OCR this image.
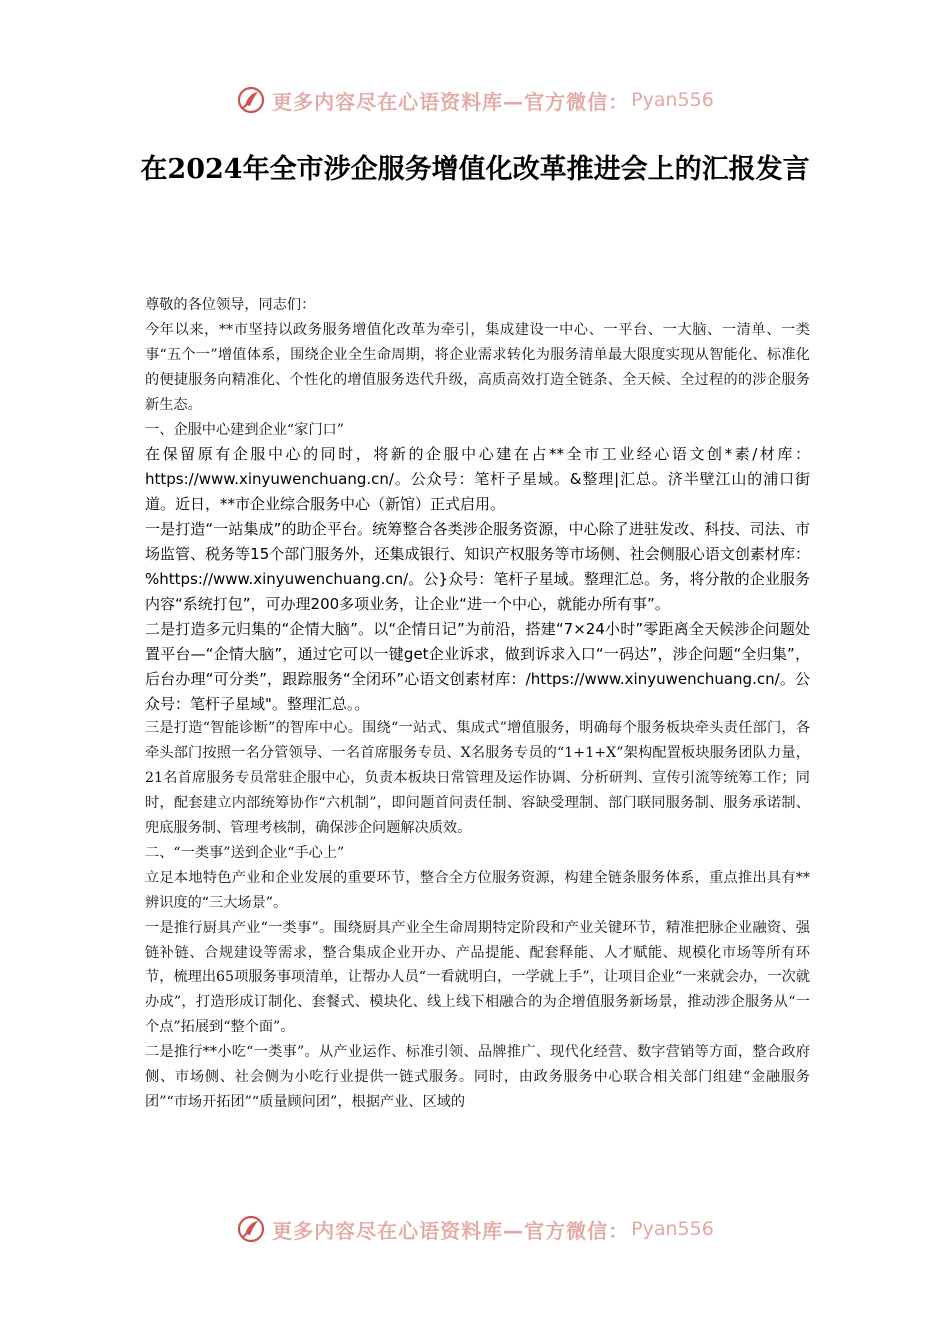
更多内容尽在心语资料库—官方微信： Pyan556
在2024年全市涉企服务增值化改革推进会上的汇报发言

尊敬的各位领导，同志们：

今年以来，**市坚持以政务服务增值化改革为牵引，集成建设一中心、一平台、一大脑、一清单、一类事“五个一”增值体系，围绕企业全生命周期，将企业需求转化为服务清单最大限度实现从智能化、标准化的便捷服务向精准化、个性化的增值服务迭代升级，高质高效打造全链条、全天候、全过程的的涉企服务新生态。

一、企服中心建到企业“家门口”

在保留原有企服中心的同时，将新的企服中心建在占**全市工业经心语文创*素/材库：https://www.xinyuwenchuang.cn/。公众号：笔杆子星域。&整理|汇总。济半壁江山的浦口街道。近日，**市企业综合服务中心（新馆）正式启用。

一是打造“一站集成”的助企平台。统筹整合各类涉企服务资源，中心除了进驻发改、科技、司法、市场监管、税务等15个部门服务外，还集成银行、知识产权服务等市场侧、社会侧服心语文创素材库：%https://www.xinyuwenchuang.cn/。公}众号：笔杆子星域。整理汇总。务，将分散的企业服务内容“系统打包”，可办理200多项业务，让企业“进一个中心，就能办所有事”。

二是打造多元归集的“企情大脑”。以“企情日记”为前沿，搭建“7×24小时”零距离全天候涉企问题处置平台—“企情大脑”，通过它可以一键get企业诉求，做到诉求入口“一码达”，涉企问题“全归集”，后台办理“可分类”，跟踪服务“全闭环”心语文创素材库：/https://www.xinyuwenchuang.cn/。公众号：笔杆子星域"。整理汇总。。

三是打造“智能诊断”的智库中心。围绕“一站式、集成式”增值服务，明确每个服务板块牵头责任部门，各牵头部门按照一名分管领导、一名首席服务专员、X名服务专员的“1+1+X”架构配置板块服务团队力量，21名首席服务专员常驻企服中心，负责本板块日常管理及运作协调、分析研判、宣传引流等统筹工作；同时，配套建立内部统筹协作“六机制”，即问题首问责任制、容缺受理制、部门联同服务制、服务承诺制、兜底服务制、管理考核制，确保涉企问题解决质效。

二、“一类事”送到企业“手心上”

立足本地特色产业和企业发展的重要环节，整合全方位服务资源，构建全链条服务体系，重点推出具有**辨识度的“三大场景”。

一是推行厨具产业“一类事”。围绕厨具产业全生命周期特定阶段和产业关键环节，精准把脉企业融资、强链补链、合规建设等需求，整合集成企业开办、产品提能、配套释能、人才赋能、规模化市场等所有环节，梳理出65项服务事项清单，让帮办人员“一看就明白，一学就上手”，让项目企业“一来就会办，一次就办成”，打造形成订制化、套餐式、模块化、线上线下相融合的为企增值服务新场景，推动涉企服务从“一个点”拓展到“整个面”。

二是推行**小吃“一类事”。从产业运作、标准引领、品牌推广、现代化经营、数字营销等方面，整合政府侧、市场侧、社会侧为小吃行业提供一链式服务。同时，由政务服务中心联合相关部门组建“金融服务团”“市场开拓团”“质量顾问团”，根据产业、区域的

更多内容尽在心语资料库—官方微信： Pyan556
